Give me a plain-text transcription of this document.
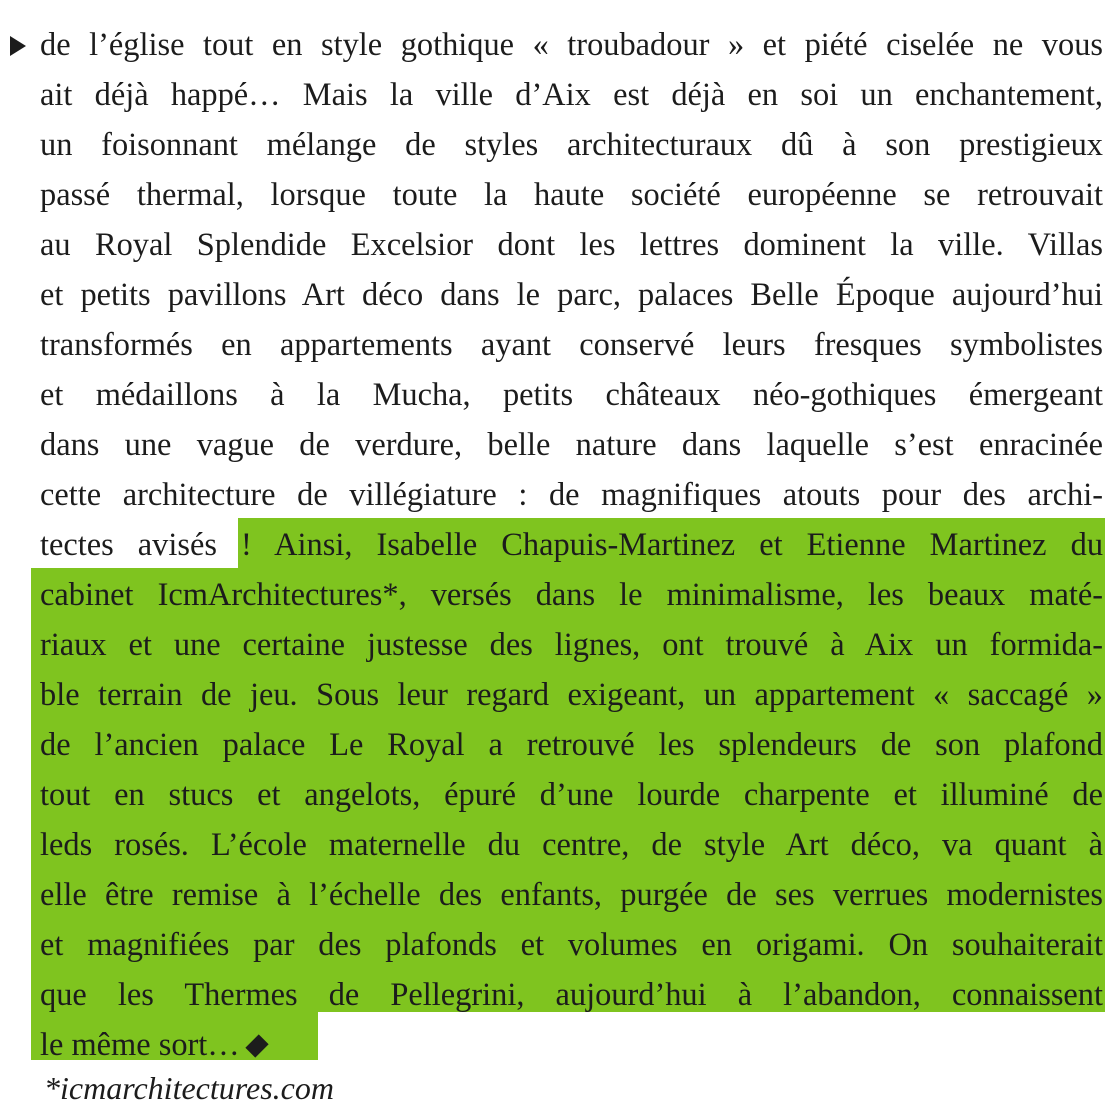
de l’église tout en style gothique « troubadour » et piété ciselée ne vous
ait déjà happé… Mais la ville d’Aix est déjà en soi un enchantement,
un foisonnant mélange de styles architecturaux dû à son prestigieux
passé thermal, lorsque toute la haute société européenne se retrouvait
au Royal Splendide Excelsior dont les lettres dominent la ville. Villas
et petits pavillons Art déco dans le parc, palaces Belle Époque aujourd’hui
transformés en appartements ayant conservé leurs fresques symbolistes
et médaillons à la Mucha, petits châteaux néo-gothiques émergeant
dans une vague de verdure, belle nature dans laquelle s’est enracinée
cette architecture de villégiature : de magnifiques atouts pour des archi-
tectes avisés ! Ainsi, Isabelle Chapuis-Martinez et Etienne Martinez du
cabinet IcmArchitectures*, versés dans le minimalisme, les beaux maté-
riaux et une certaine justesse des lignes, ont trouvé à Aix un formida-
ble terrain de jeu. Sous leur regard exigeant, un appartement « saccagé »
de l’ancien palace Le Royal a retrouvé les splendeurs de son plafond
tout en stucs et angelots, épuré d’une lourde charpente et illuminé de
leds rosés. L’école maternelle du centre, de style Art déco, va quant à
elle être remise à l’échelle des enfants, purgée de ses verrues modernistes
et magnifiées par des plafonds et volumes en origami. On souhaiterait
que les Thermes de Pellegrini, aujourd’hui à l’abandon, connaissent
le même sort…
*icmarchitectures.com
